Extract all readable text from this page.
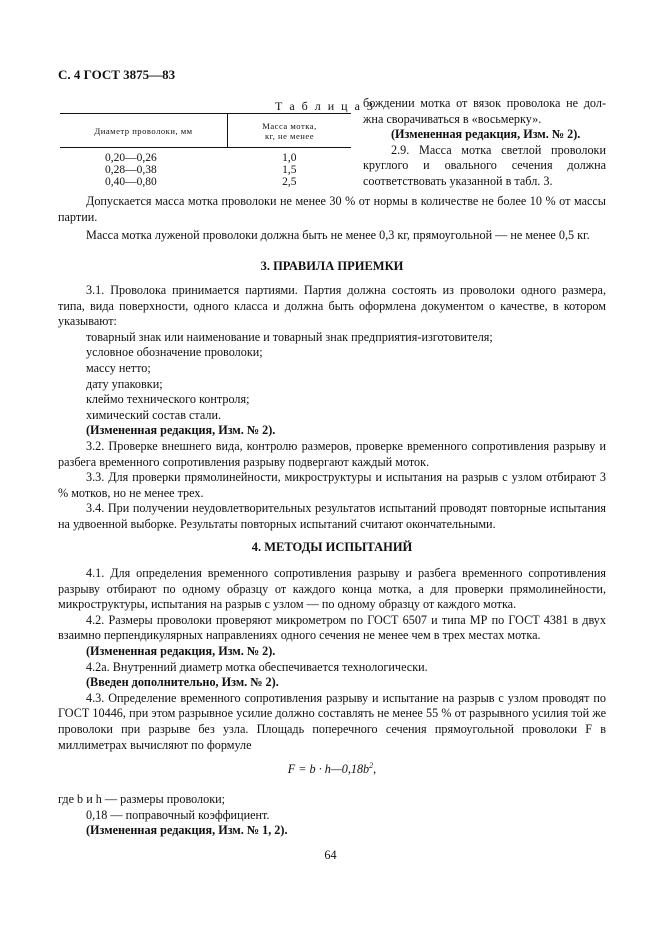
С. 4 ГОСТ 3875—83
Т а б л и ц а 3
Диаметр проволоки, мм	Масса мотка,
кг, не менее
0,20—0,26	1,0
0,28—0,38	1,5
0,40—0,80	2,5

бождении мотка от вязок проволока не дол-

жна сворачиваться в «восьмерку».

(Измененная редакция, Изм. № 2).

2.9. Масса мотка светлой проволоки круглого и овального сечения должна соответствовать указанной в табл. 3.

Допускается масса мотка проволоки не менее 30 % от нормы в количестве не более 10 % от массы партии.

Масса мотка луженой проволоки должна быть не менее 0,3 кг, прямоугольной — не менее 0,5 кг.

3. ПРАВИЛА ПРИЕМКИ

3.1. Проволока принимается партиями. Партия должна состоять из проволоки одного размера, типа, вида поверхности, одного класса и должна быть оформлена документом о качестве, в котором указывают:

товарный знак или наименование и товарный знак предприятия-изготовителя;

условное обозначение проволоки;

массу нетто;

дату упаковки;

клеймо технического контроля;

химический состав стали.

(Измененная редакция, Изм. № 2).

3.2. Проверке внешнего вида, контролю размеров, проверке временного сопротивления разрыву и разбега временного сопротивления разрыву подвергают каждый моток.

3.3. Для проверки прямолинейности, микроструктуры и испытания на разрыв с узлом отбирают 3 % мотков, но не менее трех.

3.4. При получении неудовлетворительных результатов испытаний проводят повторные испытания на удвоенной выборке. Результаты повторных испытаний считают окончательными.

4. МЕТОДЫ ИСПЫТАНИЙ

4.1. Для определения временного сопротивления разрыву и разбега временного сопротивления разрыву отбирают по одному образцу от каждого конца мотка, а для проверки прямолинейности, микроструктуры, испытания на разрыв с узлом — по одному образцу от каждого мотка.

4.2. Размеры проволоки проверяют микрометром по ГОСТ 6507 и типа МР по ГОСТ 4381 в двух взаимно перпендикулярных направлениях одного сечения не менее чем в трех местах мотка.

(Измененная редакция, Изм. № 2).

4.2а. Внутренний диаметр мотка обеспечивается технологически.

(Введен дополнительно, Изм. № 2).

4.3. Определение временного сопротивления разрыву и испытание на разрыв с узлом проводят по ГОСТ 10446, при этом разрывное усилие должно составлять не менее 55 % от разрывного усилия той же проволоки при разрыве без узла. Площадь поперечного сечения прямоугольной проволоки F в миллиметрах вычисляют по формуле

$F = b \cdot h—0,18b^2$,

где b и h — размеры проволоки;

0,18 — поправочный коэффициент.

(Измененная редакция, Изм. № 1, 2).

64
